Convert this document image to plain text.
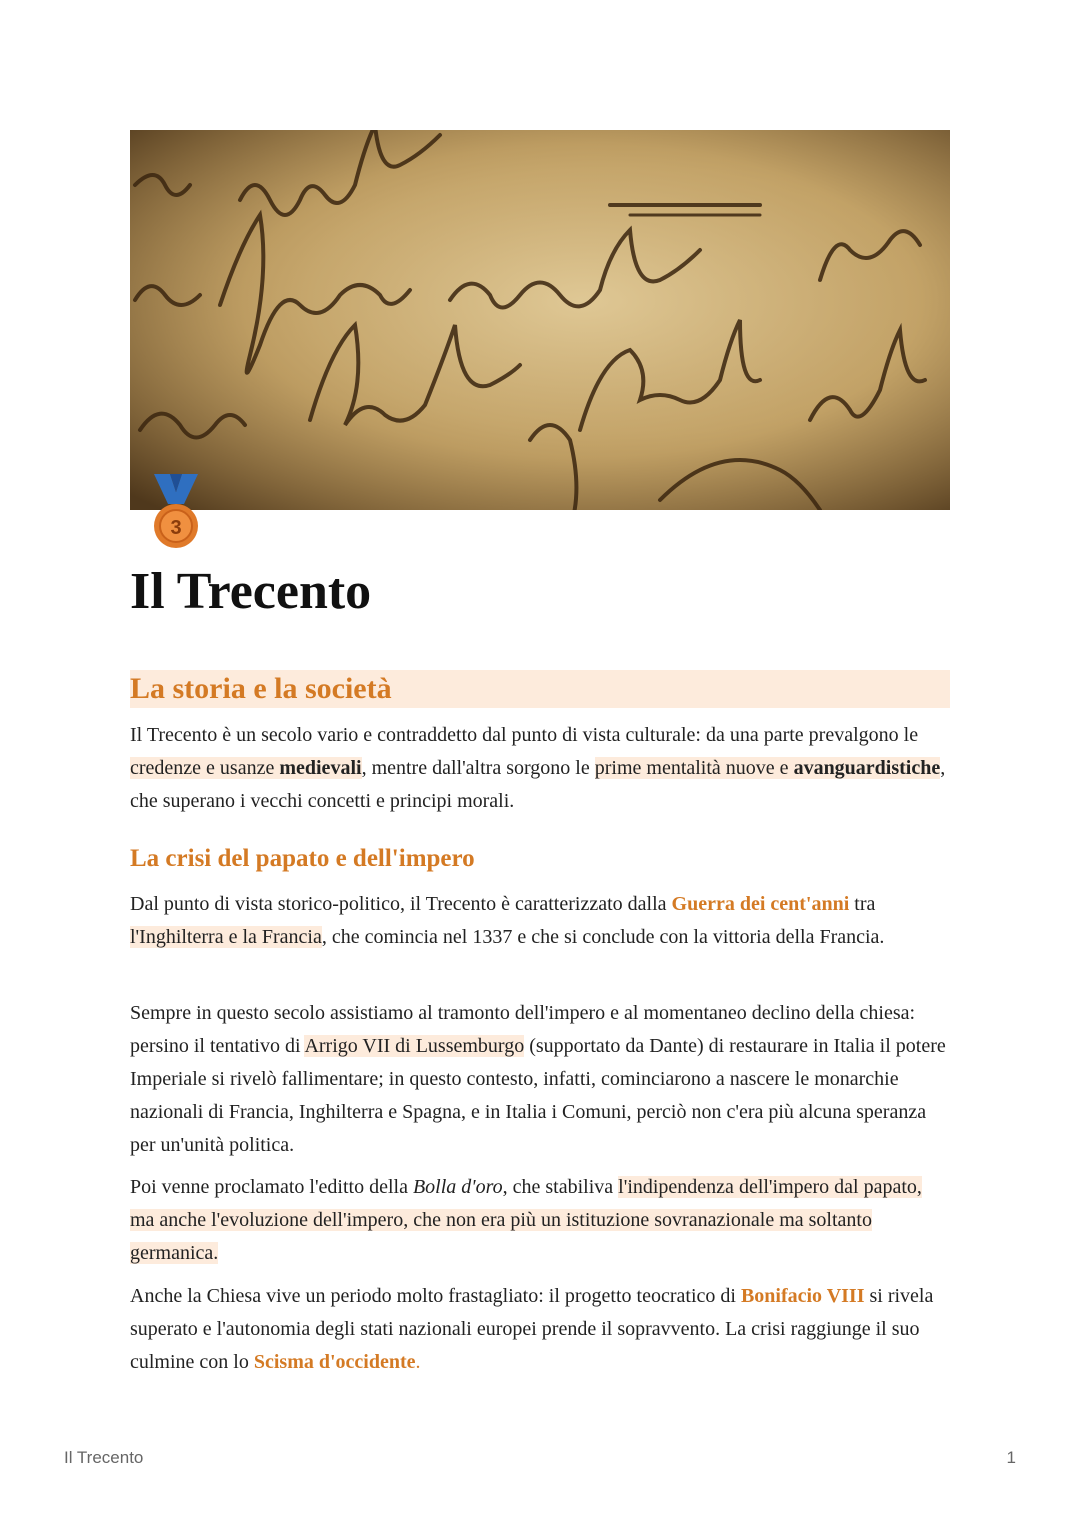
3
Il Trecento
La storia e la società

Il Trecento è un secolo vario e contraddetto dal punto di vista culturale: da una parte prevalgono le credenze e usanze medievali, mentre dall'altra sorgono le prime mentalità nuove e avanguardistiche, che superano i vecchi concetti e principi morali.

La crisi del papato e dell'impero

Dal punto di vista storico-politico, il Trecento è caratterizzato dalla Guerra dei cent'anni tra l'Inghilterra e la Francia, che comincia nel 1337 e che si conclude con la vittoria della Francia.

Sempre in questo secolo assistiamo al tramonto dell'impero e al momentaneo declino della chiesa: persino il tentativo di Arrigo VII di Lussemburgo (supportato da Dante) di restaurare in Italia il potere Imperiale si rivelò fallimentare; in questo contesto, infatti, cominciarono a nascere le monarchie nazionali di Francia, Inghilterra e Spagna, e in Italia i Comuni, perciò non c'era più alcuna speranza per un'unità politica.

Poi venne proclamato l'editto della Bolla d'oro, che stabiliva l'indipendenza dell'impero dal papato, ma anche l'evoluzione dell'impero, che non era più un istituzione sovranazionale ma soltanto germanica.

Anche la Chiesa vive un periodo molto frastagliato: il progetto teocratico di Bonifacio VIII si rivela superato e l'autonomia degli stati nazionali europei prende il sopravvento. La crisi raggiunge il suo culmine con lo Scisma d'occidente.

Il Trecento	1
